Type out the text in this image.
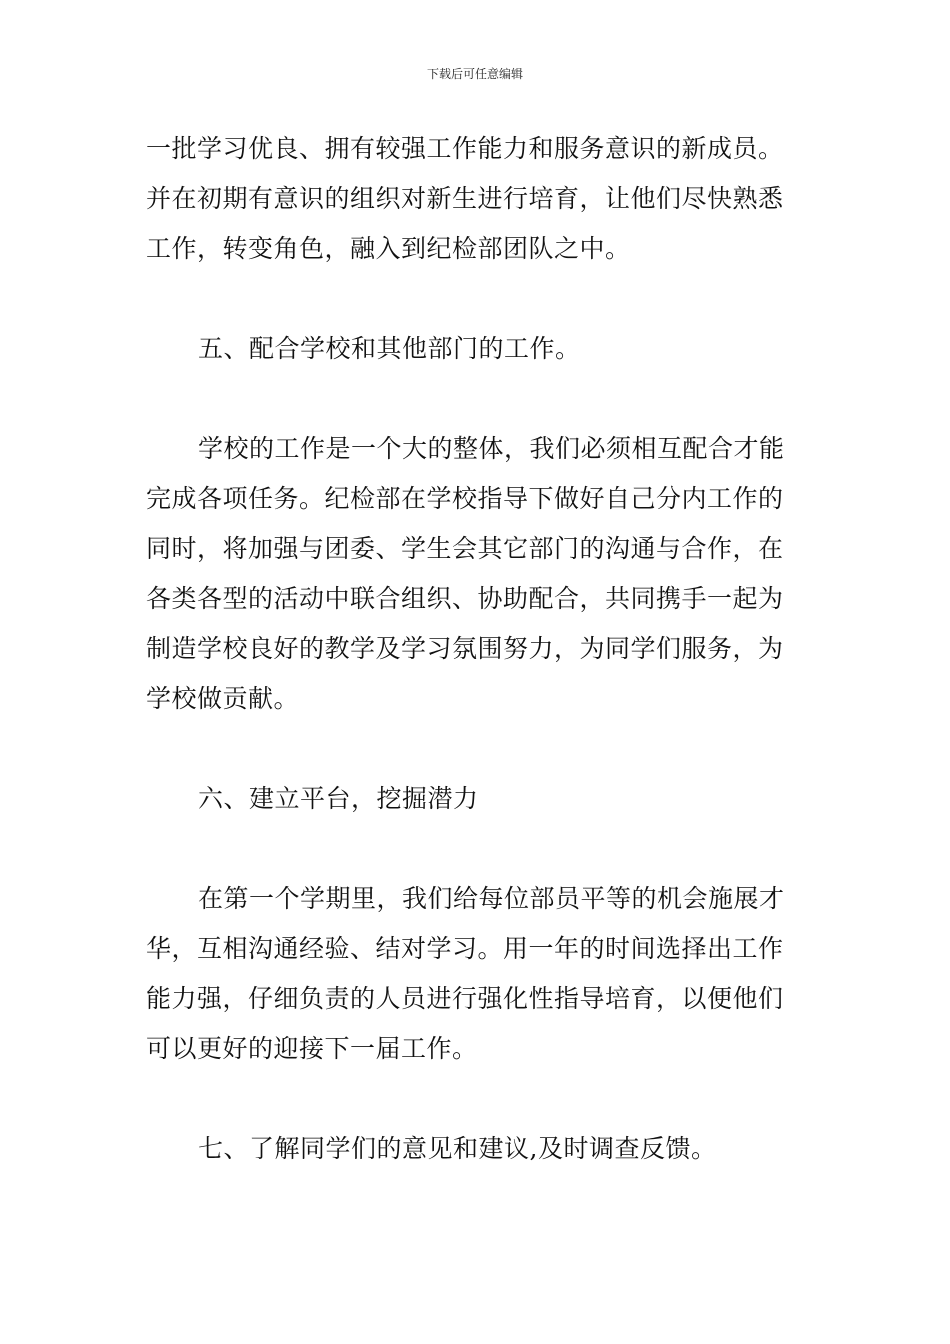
下载后可任意编辑

一批学习优良、拥有较强工作能力和服务意识的新成员。
并在初期有意识的组织对新生进行培育，让他们尽快熟悉
工作，转变角色，融入到纪检部团队之中。

五、配合学校和其他部门的工作。

学校的工作是一个大的整体，我们必须相互配合才能
完成各项任务。纪检部在学校指导下做好自己分内工作的
同时，将加强与团委、学生会其它部门的沟通与合作，在
各类各型的活动中联合组织、协助配合，共同携手一起为
制造学校良好的教学及学习氛围努力，为同学们服务，为
学校做贡献。

六、建立平台，挖掘潜力

在第一个学期里，我们给每位部员平等的机会施展才
华，互相沟通经验、结对学习。用一年的时间选择出工作
能力强，仔细负责的人员进行强化性指导培育，以便他们
可以更好的迎接下一届工作。

七、了解同学们的意见和建议,及时调查反馈。
